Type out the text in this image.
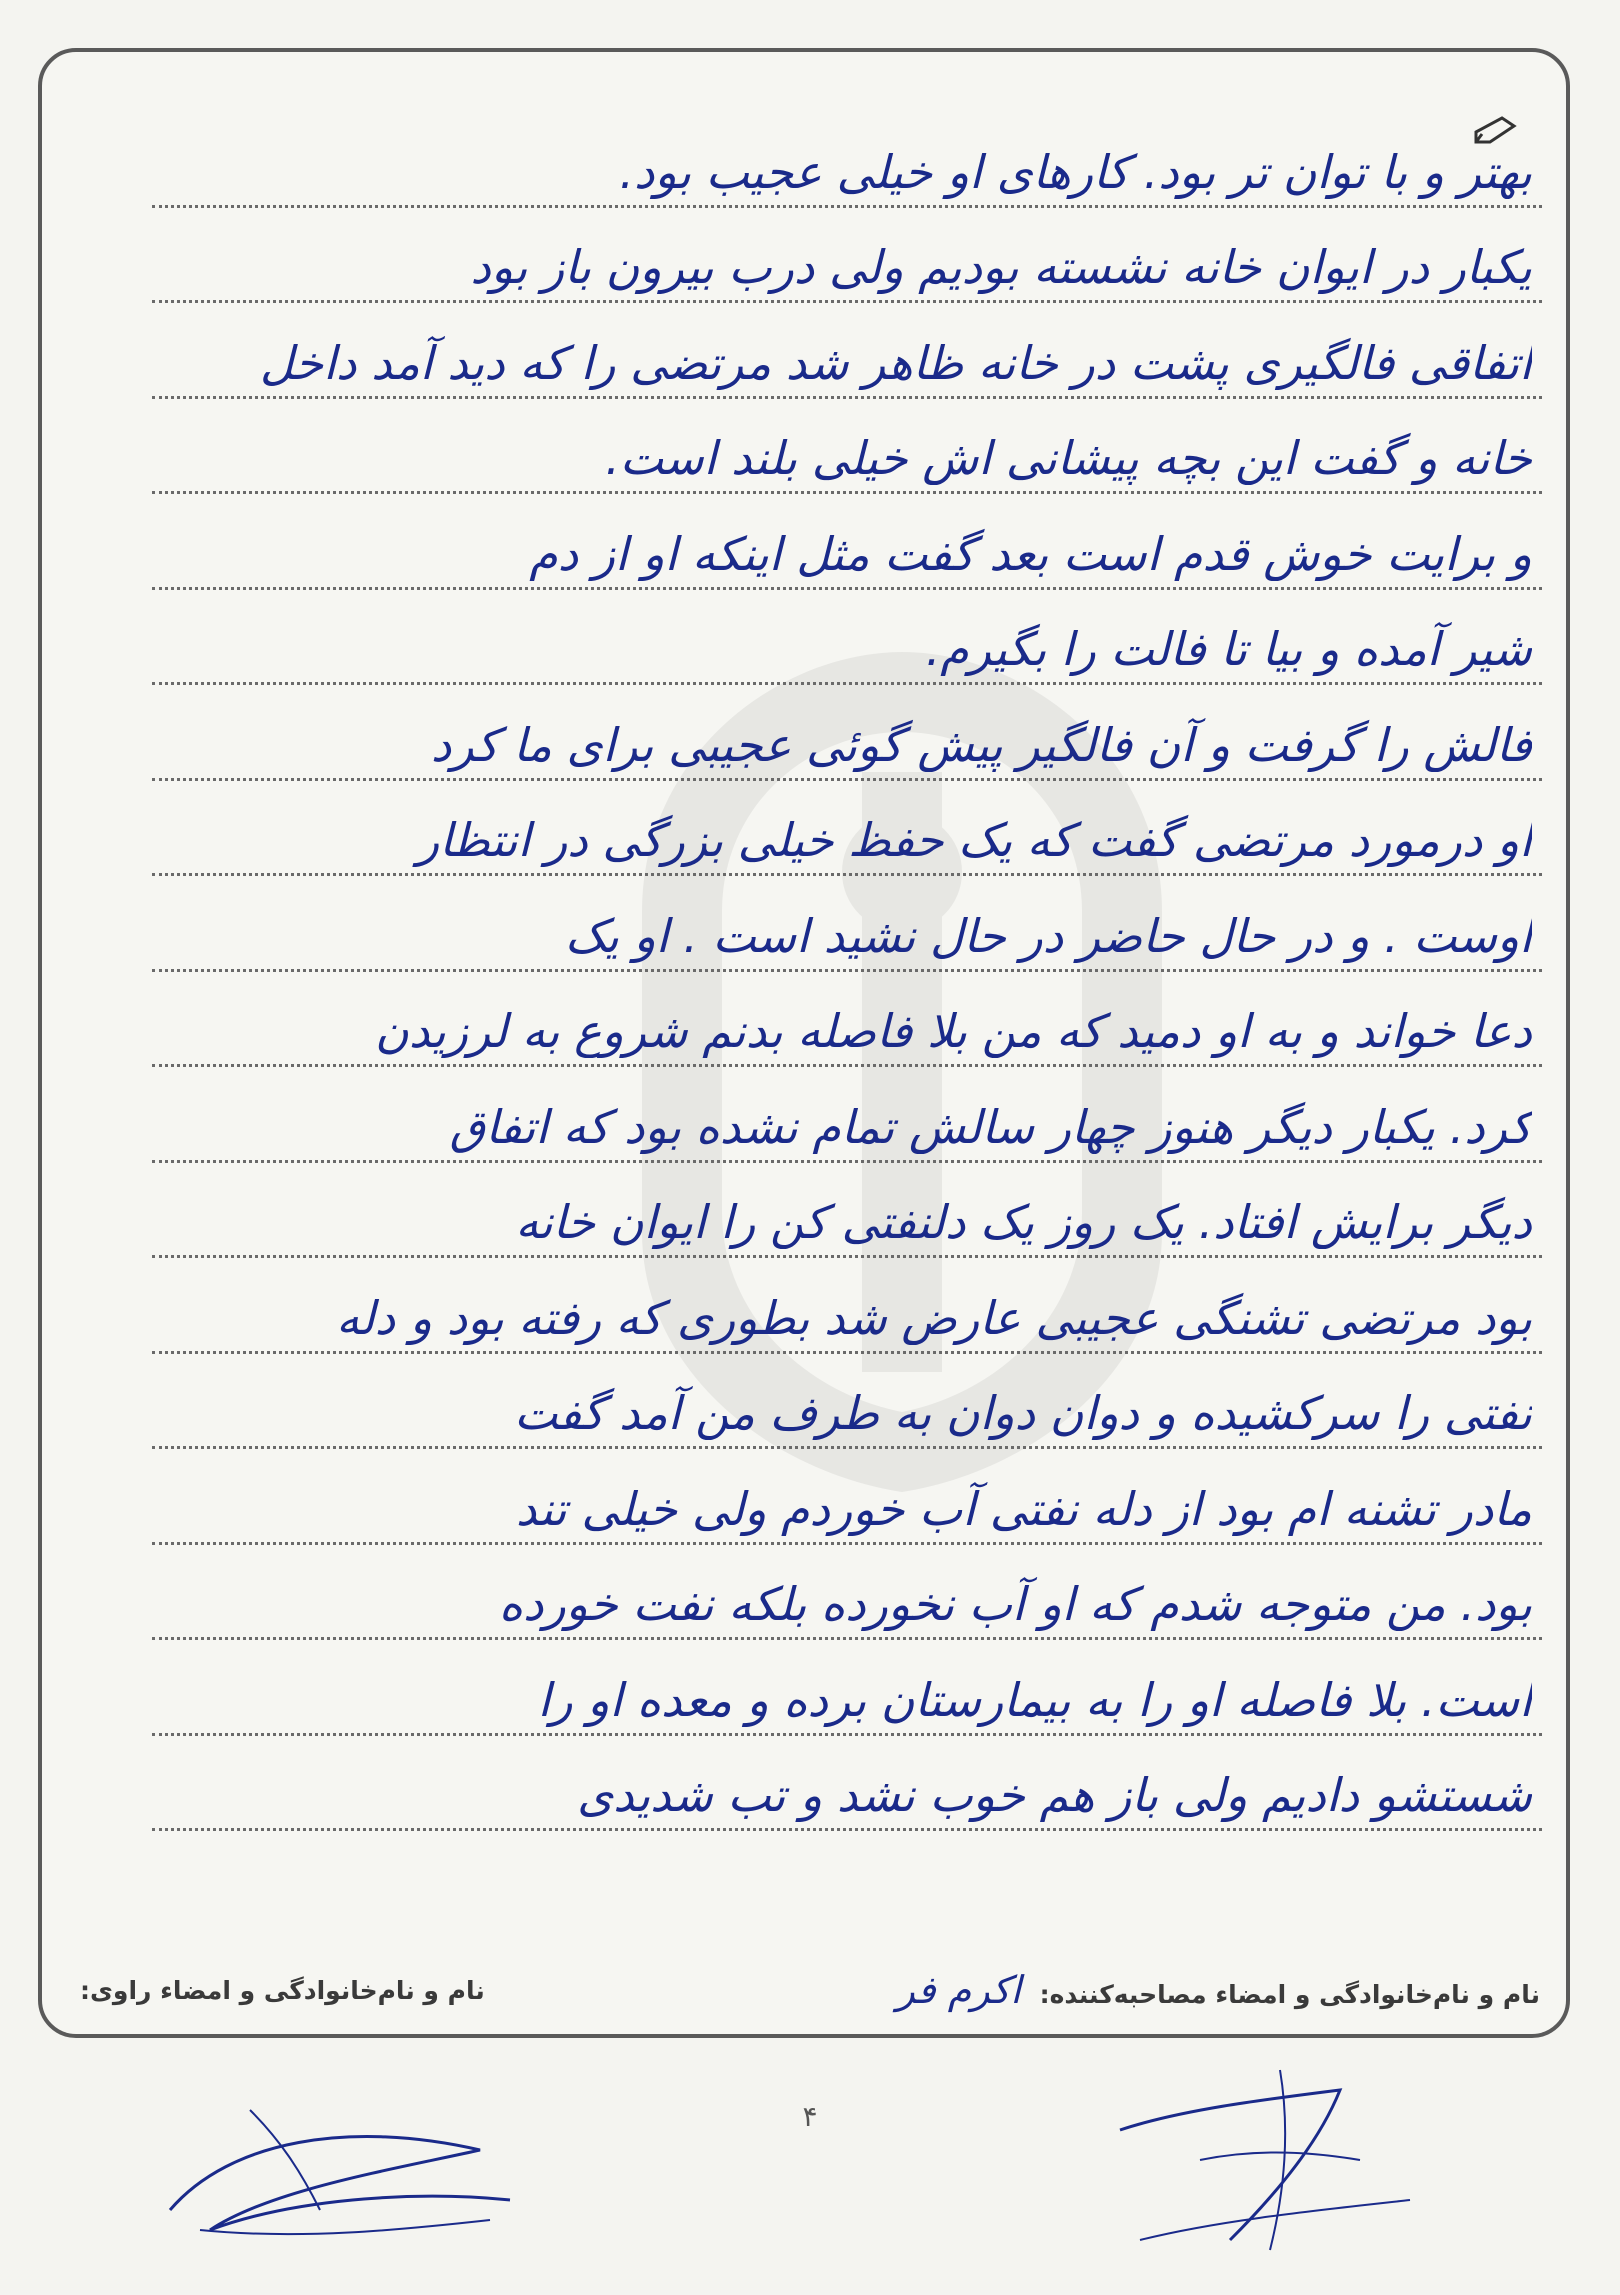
بهتر و با توان تر بود. کارهای او خیلی عجیب بود.
یکبار در ایوان خانه نشسته بودیم ولی درب بیرون باز بود
اتفاقی فالگیری پشت در خانه ظاهر شد مرتضی را که دید آمد داخل
خانه و گفت این بچه پیشانی اش خیلی بلند است.
و برایت خوش قدم است بعد گفت مثل اینکه او از دم
شیر آمده و بیا تا فالت را بگیرم.
فالش را گرفت و آن فالگیر پیش گوئی عجیبی برای ما کرد
او درمورد مرتضی گفت که یک حفظ خیلی بزرگی در انتظار
اوست . و در حال حاضر در حال نشید است . او یک
دعا خواند و به او دمید که من بلا فاصله بدنم شروع به لرزیدن
کرد. یکبار دیگر هنوز چهار سالش تمام نشده بود که اتفاق
دیگر برایش افتاد. یک روز یک دلنفتی کن را ایوان خانه
بود مرتضی تشنگی عجیبی عارض شد بطوری که رفته بود و دله
نفتی را سرکشیده و دوان دوان به طرف من آمد گفت
مادر تشنه ام بود از دله نفتی آب خوردم ولی خیلی تند
بود. من متوجه شدم که او آب نخورده بلکه نفت خورده
است. بلا فاصله او را به بیمارستان برده و معده او را
شستشو دادیم ولی باز هم خوب نشد و تب شدیدی
نام و نام‌خانوادگی و امضاء مصاحبه‌کننده: اکرم فر
نام و نام‌خانوادگی و امضاء راوی:
۴
